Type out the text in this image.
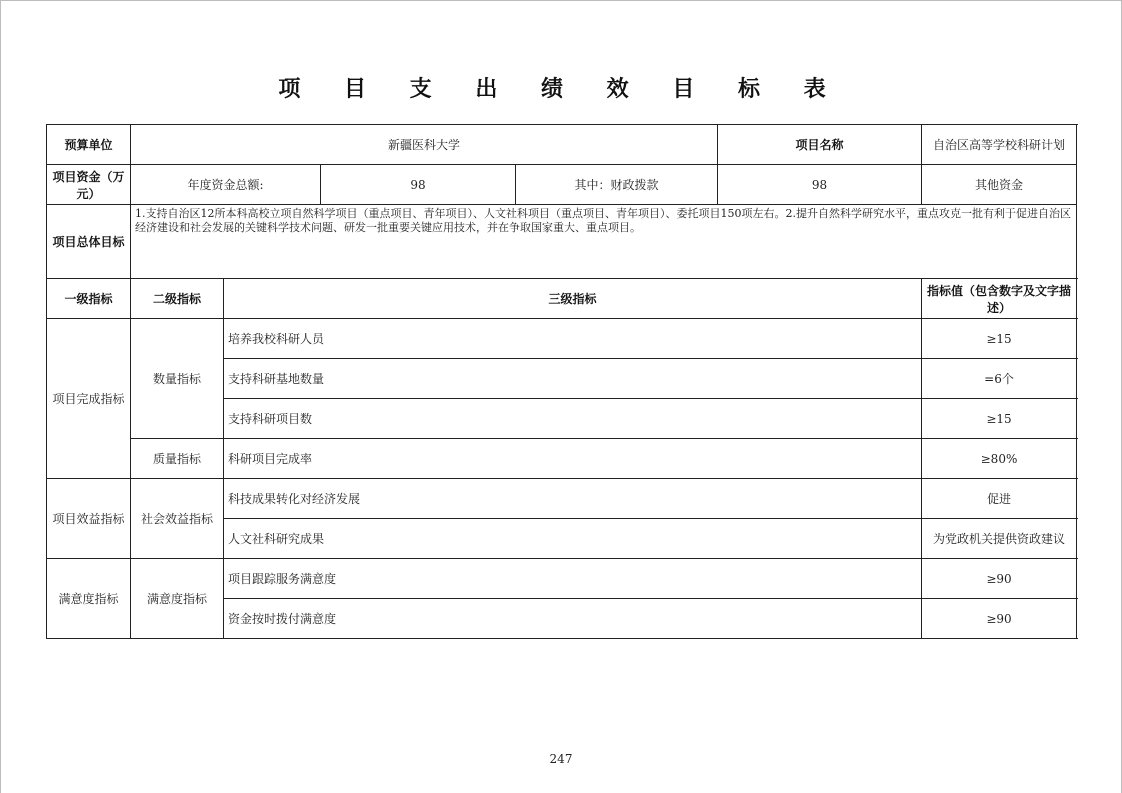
项 目 支 出 绩 效 目 标 表
预算单位	新疆医科大学				项目名称	自治区高等学校科研计划	
项目资金（万元）	年度资金总额:		98	其中：财政拨款	98	其他资金	
项目总体目标	1.支持自治区12所本科高校立项自然科学项目（重点项目、青年项目）、人文社科项目（重点项目、青年项目）、委托项目150项左右。2.提升自然科学研究水平，重点攻克一批有利于促进自治区经济建设和社会发展的关键科学技术问题、研发一批重要关键应用技术，并在争取国家重大、重点项目。						
一级指标	二级指标	三级指标				指标值（包含数字及文字描述）	
项目完成指标	数量指标	培养我校科研人员				≥15	
		支持科研基地数量				=6个	
		支持科研项目数				≥15	
	质量指标	科研项目完成率				≥80%	
项目效益指标	社会效益指标	科技成果转化对经济发展				促进	
		人文社科研究成果				为党政机关提供资政建议	
满意度指标	满意度指标	项目跟踪服务满意度				≥90	
		资金按时拨付满意度				≥90	
247
